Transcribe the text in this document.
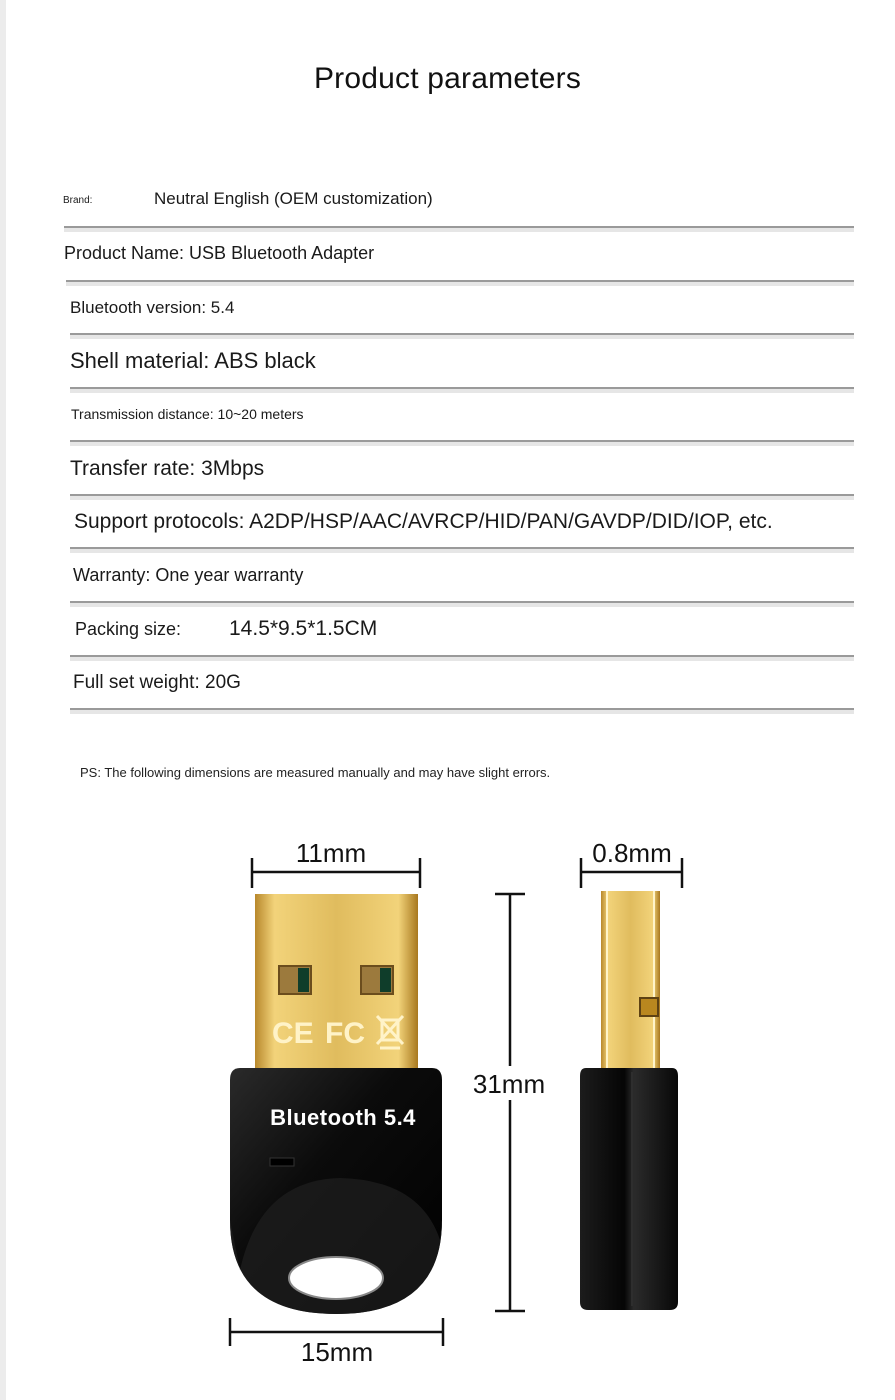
Product parameters
Brand:	Neutral English (OEM customization)
Product Name: USB Bluetooth Adapter
Bluetooth version: 5.4
Shell material: ABS black
Transmission distance: 10~20 meters
Transfer rate: 3Mbps
Support protocols: A2DP/HSP/AAC/AVRCP/HID/PAN/GAVDP/DID/IOP, etc.
Warranty: One year warranty
Packing size: 14.5*9.5*1.5CM
Full set weight: 20G
PS: The following dimensions are measured manually and may have slight errors.
11mm
CE FC
Bluetooth 5.4
15mm
31mm
0.8mm
